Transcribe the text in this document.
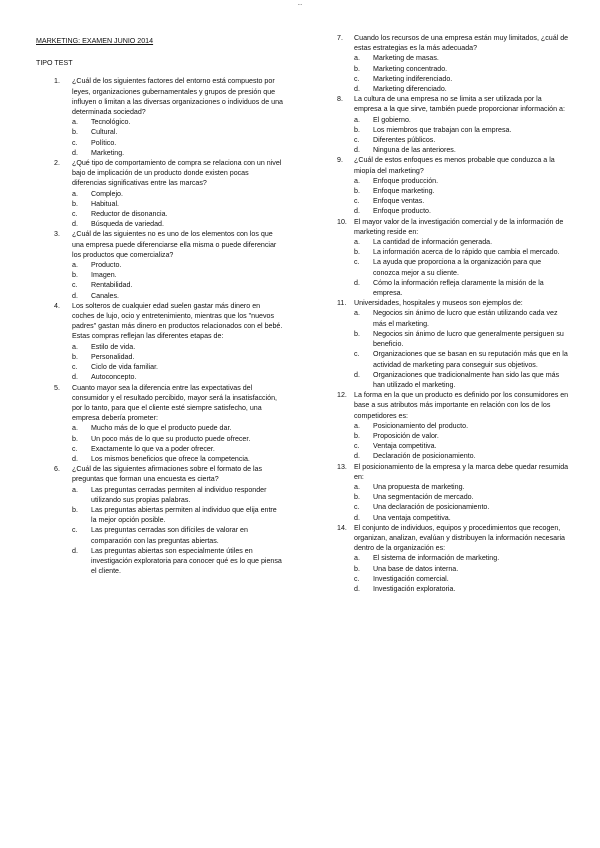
...
MARKETING: EXAMEN JUNIO 2014
TIPO TEST
1. ¿Cuál de los siguientes factores del entorno está compuesto por leyes, organizaciones gubernamentales y grupos de presión que influyen o limitan a las diversas organizaciones o individuos de una determinada sociedad?
a. Tecnológico.
b. Cultural.
c. Político.
d. Marketing.
2. ¿Qué tipo de comportamiento de compra se relaciona con un nivel bajo de implicación de un producto donde existen pocas diferencias significativas entre las marcas?
a. Complejo.
b. Habitual.
c. Reductor de disonancia.
d. Búsqueda de variedad.
3. ¿Cuál de las siguientes no es uno de los elementos con los que una empresa puede diferenciarse ella misma o puede diferenciar los productos que comercializa?
a. Producto.
b. Imagen.
c. Rentabilidad.
d. Canales.
4. Los solteros de cualquier edad suelen gastar más dinero en coches de lujo, ocio y entretenimiento, mientras que los "nuevos padres" gastan más dinero en productos relacionados con el bebé. Estas compras reflejan las diferentes etapas de:
a. Estilo de vida.
b. Personalidad.
c. Ciclo de vida familiar.
d. Autoconcepto.
5. Cuanto mayor sea la diferencia entre las expectativas del consumidor y el resultado percibido, mayor será la insatisfacción, por lo tanto, para que el cliente esté siempre satisfecho, una empresa debería prometer:
a. Mucho más de lo que el producto puede dar.
b. Un poco más de lo que su producto puede ofrecer.
c. Exactamente lo que va a poder ofrecer.
d. Los mismos beneficios que ofrece la competencia.
6. ¿Cuál de las siguientes afirmaciones sobre el formato de las preguntas que forman una encuesta es cierta?
a. Las preguntas cerradas permiten al individuo responder utilizando sus propias palabras.
b. Las preguntas abiertas permiten al individuo que elija entre la mejor opción posible.
c. Las preguntas cerradas son difíciles de valorar en comparación con las preguntas abiertas.
d. Las preguntas abiertas son especialmente útiles en investigación exploratoria para conocer qué es lo que piensa el cliente.
7. Cuando los recursos de una empresa están muy limitados, ¿cuál de estas estrategias es la más adecuada?
a. Marketing de masas.
b. Marketing concentrado.
c. Marketing indiferenciado.
d. Marketing diferenciado.
8. La cultura de una empresa no se limita a ser utilizada por la empresa a la que sirve, también puede proporcionar información a:
a. El gobierno.
b. Los miembros que trabajan con la empresa.
c. Diferentes públicos.
d. Ninguna de las anteriores.
9. ¿Cuál de estos enfoques es menos probable que conduzca a la miopía del marketing?
a. Enfoque producción.
b. Enfoque marketing.
c. Enfoque ventas.
d. Enfoque producto.
10. El mayor valor de la investigación comercial y de la información de marketing reside en:
a. La cantidad de información generada.
b. La información acerca de lo rápido que cambia el mercado.
c. La ayuda que proporciona a la organización para que conozca mejor a su cliente.
d. Cómo la información refleja claramente la misión de la empresa.
11. Universidades, hospitales y museos son ejemplos de:
a. Negocios sin ánimo de lucro que están utilizando cada vez más el marketing.
b. Negocios sin ánimo de lucro que generalmente persiguen su beneficio.
c. Organizaciones que se basan en su reputación más que en la actividad de marketing para conseguir sus objetivos.
d. Organizaciones que tradicionalmente han sido las que más han utilizado el marketing.
12. La forma en la que un producto es definido por los consumidores en base a sus atributos más importante en relación con los de los competidores es:
a. Posicionamiento del producto.
b. Proposición de valor.
c. Ventaja competitiva.
d. Declaración de posicionamiento.
13. El posicionamiento de la empresa y la marca debe quedar resumida en:
a. Una propuesta de marketing.
b. Una segmentación de mercado.
c. Una declaración de posicionamiento.
d. Una ventaja competitiva.
14. El conjunto de individuos, equipos y procedimientos que recogen, organizan, analizan, evalúan y distribuyen la información necesaria dentro de la organización es:
a. El sistema de información de marketing.
b. Una base de datos interna.
c. Investigación comercial.
d. Investigación exploratoria.
